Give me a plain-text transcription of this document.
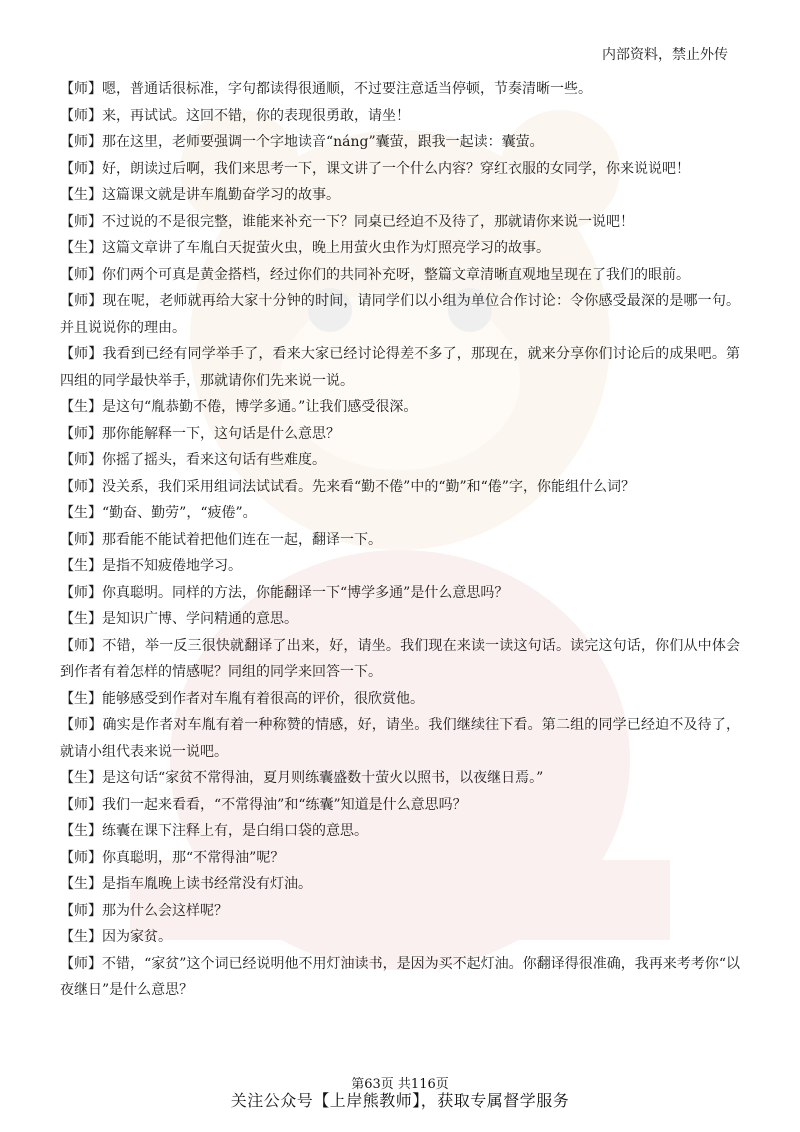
内部资料，禁止外传

【师】嗯，普通话很标准，字句都读得很通顺，不过要注意适当停顿，节奏清晰一些。

【师】来，再试试。这回不错，你的表现很勇敢，请坐！

【师】那在这里，老师要强调一个字地读音“náng”囊萤，跟我一起读：囊萤。

【师】好，朗读过后啊，我们来思考一下，课文讲了一个什么内容？穿红衣服的女同学，你来说说吧！

【生】这篇课文就是讲车胤勤奋学习的故事。

【师】不过说的不是很完整，谁能来补充一下？同桌已经迫不及待了，那就请你来说一说吧！

【生】这篇文章讲了车胤白天捉萤火虫，晚上用萤火虫作为灯照亮学习的故事。

【师】你们两个可真是黄金搭档，经过你们的共同补充呀，整篇文章清晰直观地呈现在了我们的眼前。

【师】现在呢，老师就再给大家十分钟的时间，请同学们以小组为单位合作讨论：令你感受最深的是哪一句。并且说说你的理由。

【师】我看到已经有同学举手了，看来大家已经讨论得差不多了，那现在，就来分享你们讨论后的成果吧。第四组的同学最快举手，那就请你们先来说一说。

【生】是这句“胤恭勤不倦，博学多通。”让我们感受很深。

【师】那你能解释一下，这句话是什么意思？

【师】你摇了摇头，看来这句话有些难度。

【师】没关系，我们采用组词法试试看。先来看“勤不倦”中的“勤”和“倦”字，你能组什么词？

【生】“勤奋、勤劳”，“疲倦”。

【师】那看能不能试着把他们连在一起，翻译一下。

【生】是指不知疲倦地学习。

【师】你真聪明。同样的方法，你能翻译一下“博学多通”是什么意思吗？

【生】是知识广博、学问精通的意思。

【师】不错，举一反三很快就翻译了出来，好，请坐。我们现在来读一读这句话。读完这句话，你们从中体会到作者有着怎样的情感呢？同组的同学来回答一下。

【生】能够感受到作者对车胤有着很高的评价，很欣赏他。

【师】确实是作者对车胤有着一种称赞的情感，好，请坐。我们继续往下看。第二组的同学已经迫不及待了，就请小组代表来说一说吧。

【生】是这句话“家贫不常得油，夏月则练囊盛数十萤火以照书，以夜继日焉。”

【师】我们一起来看看，“不常得油”和“练囊”知道是什么意思吗？

【生】练囊在课下注释上有，是白绢口袋的意思。

【师】你真聪明，那“不常得油”呢？

【生】是指车胤晚上读书经常没有灯油。

【师】那为什么会这样呢？

【生】因为家贫。

【师】不错，“家贫”这个词已经说明他不用灯油读书，是因为买不起灯油。你翻译得很准确，我再来考考你“以夜继日”是什么意思？

第63页 共116页
关注公众号【上岸熊教师】，获取专属督学服务
